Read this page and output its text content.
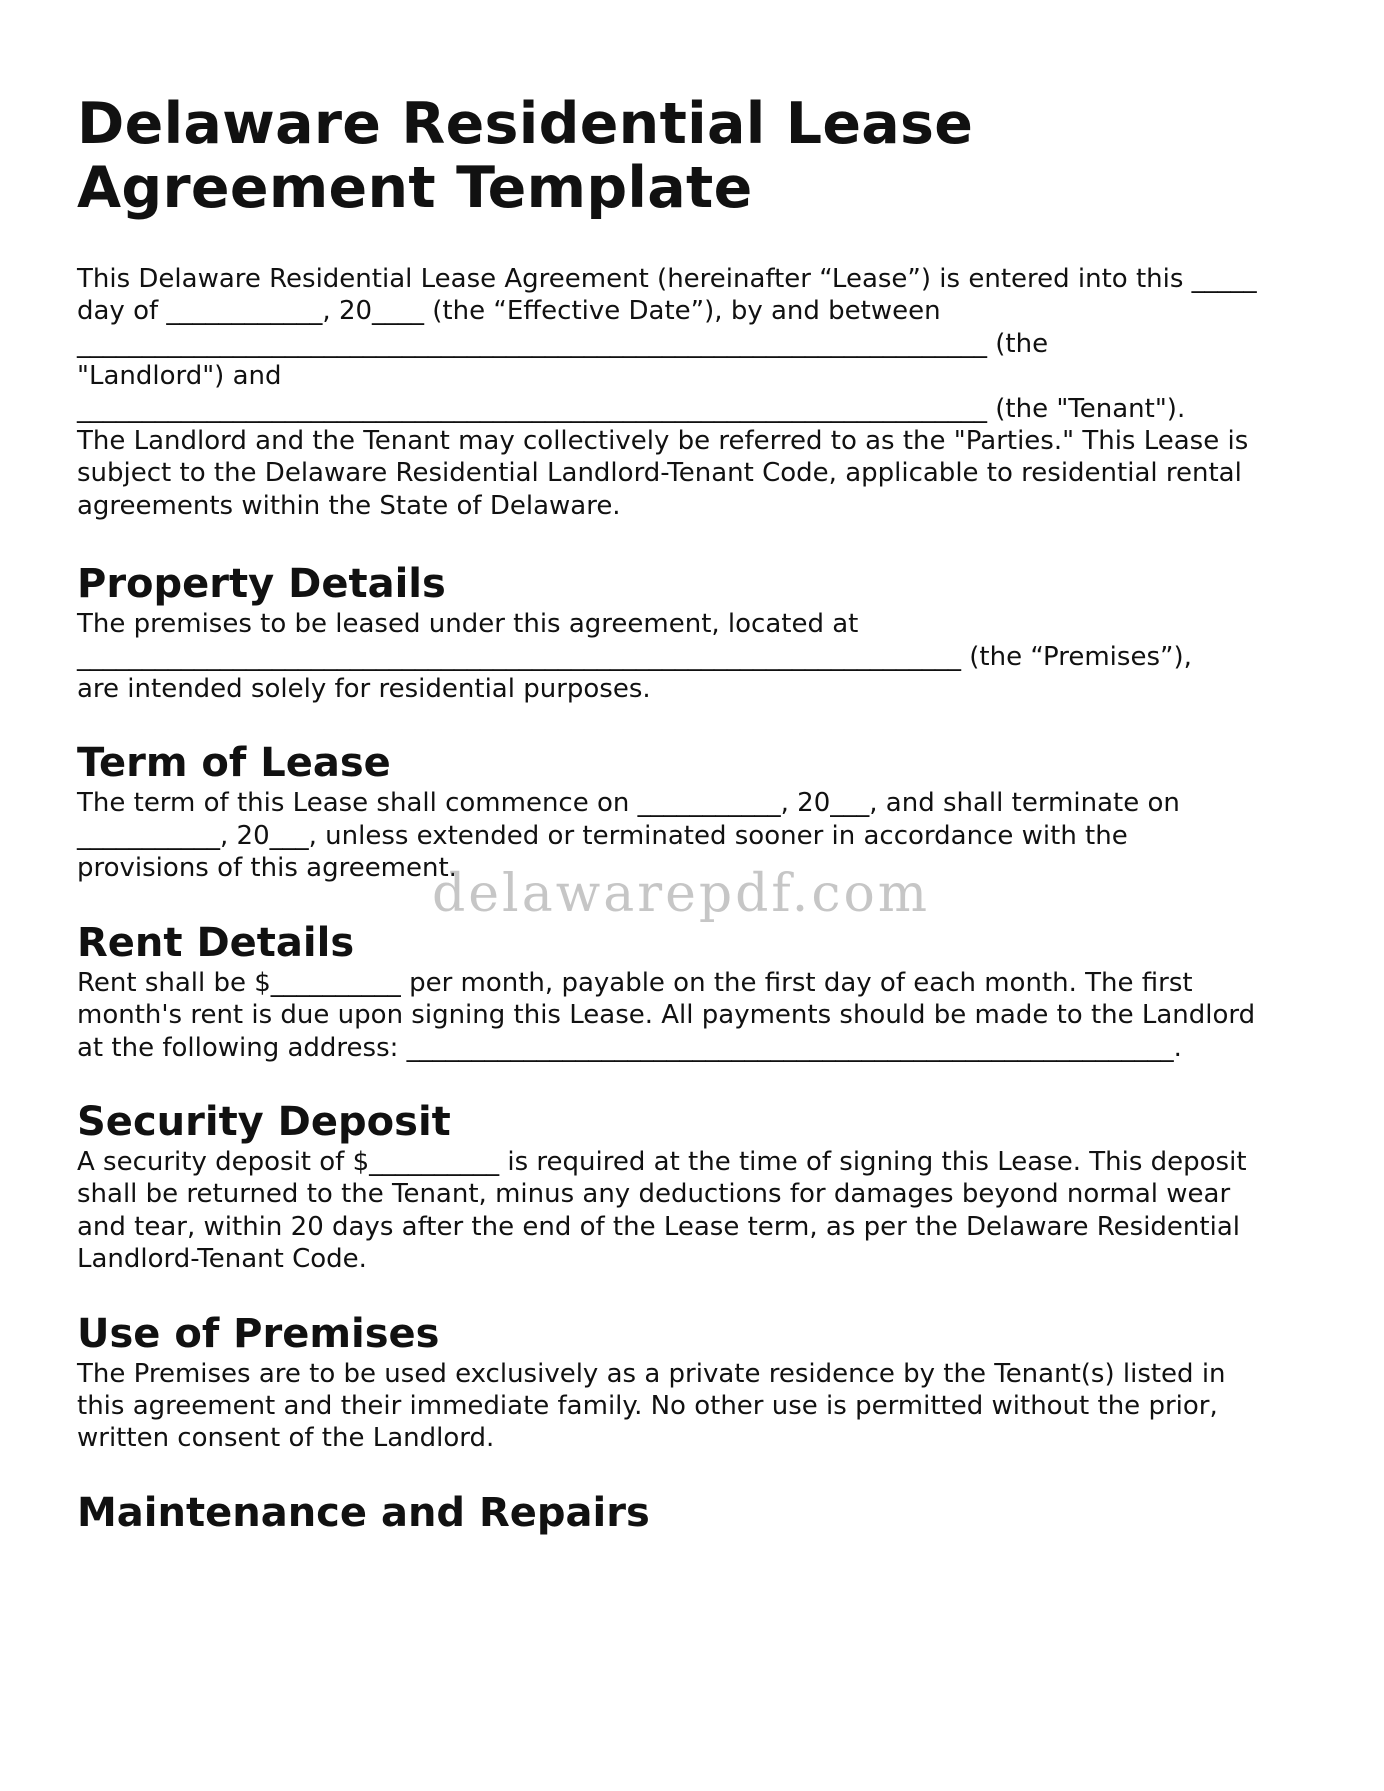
Delaware Residential Lease Agreement Template

This Delaware Residential Lease Agreement (hereinafter “Lease”) is entered into this _____
day of ____________, 20____ (the “Effective Date”), by and between
______________________________________________________________________ (the
"Landlord") and
______________________________________________________________________ (the "Tenant").
The Landlord and the Tenant may collectively be referred to as the "Parties." This Lease is
subject to the Delaware Residential Landlord-Tenant Code, applicable to residential rental
agreements within the State of Delaware.

Property Details

The premises to be leased under this agreement, located at
____________________________________________________________________ (the “Premises”),
are intended solely for residential purposes.

Term of Lease

The term of this Lease shall commence on ___________, 20___, and shall terminate on
___________, 20___, unless extended or terminated sooner in accordance with the
provisions of this agreement.

Rent Details

Rent shall be $__________ per month, payable on the first day of each month. The first
month's rent is due upon signing this Lease. All payments should be made to the Landlord
at the following address: ___________________________________________________________.

Security Deposit

A security deposit of $__________ is required at the time of signing this Lease. This deposit
shall be returned to the Tenant, minus any deductions for damages beyond normal wear
and tear, within 20 days after the end of the Lease term, as per the Delaware Residential
Landlord-Tenant Code.

Use of Premises

The Premises are to be used exclusively as a private residence by the Tenant(s) listed in
this agreement and their immediate family. No other use is permitted without the prior,
written consent of the Landlord.

Maintenance and Repairs
delawarepdf.com
